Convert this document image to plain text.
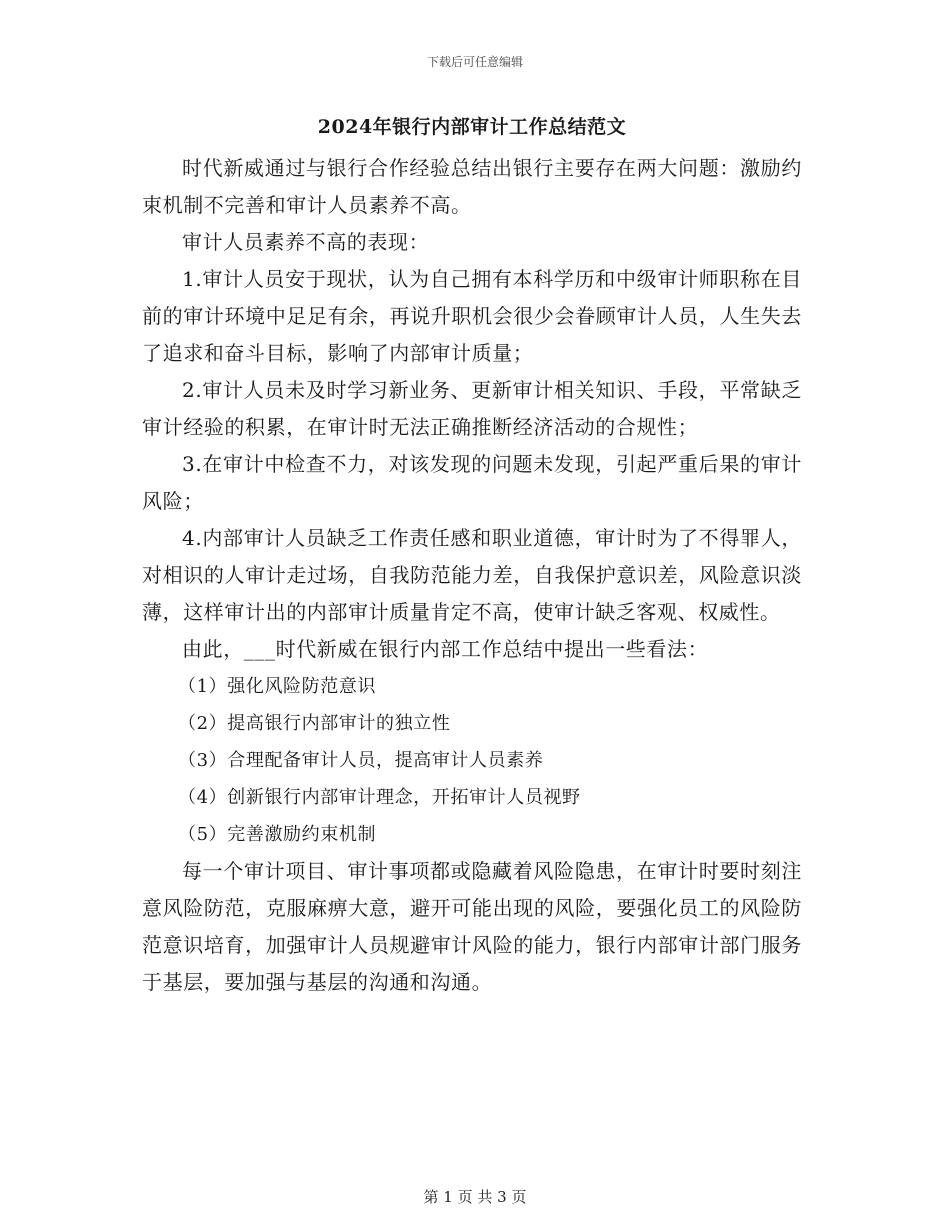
下载后可任意编辑
2024年银行内部审计工作总结范文

时代新威通过与银行合作经验总结出银行主要存在两大问题：激励约束机制不完善和审计人员素养不高。

审计人员素养不高的表现：

1.审计人员安于现状，认为自己拥有本科学历和中级审计师职称在目前的审计环境中足足有余，再说升职机会很少会眷顾审计人员，人生失去了追求和奋斗目标，影响了内部审计质量；

2.审计人员未及时学习新业务、更新审计相关知识、手段，平常缺乏审计经验的积累，在审计时无法正确推断经济活动的合规性；

3.在审计中检查不力，对该发现的问题未发现，引起严重后果的审计风险；

4.内部审计人员缺乏工作责任感和职业道德，审计时为了不得罪人，对相识的人审计走过场，自我防范能力差，自我保护意识差，风险意识淡薄，这样审计出的内部审计质量肯定不高，使审计缺乏客观、权威性。

由此，___时代新威在银行内部工作总结中提出一些看法：

（1）强化风险防范意识

（2）提高银行内部审计的独立性

（3）合理配备审计人员，提高审计人员素养

（4）创新银行内部审计理念，开拓审计人员视野

（5）完善激励约束机制

每一个审计项目、审计事项都或隐藏着风险隐患，在审计时要时刻注意风险防范，克服麻痹大意，避开可能出现的风险，要强化员工的风险防范意识培育，加强审计人员规避审计风险的能力，银行内部审计部门服务于基层，要加强与基层的沟通和沟通。

第 1 页 共 3 页
